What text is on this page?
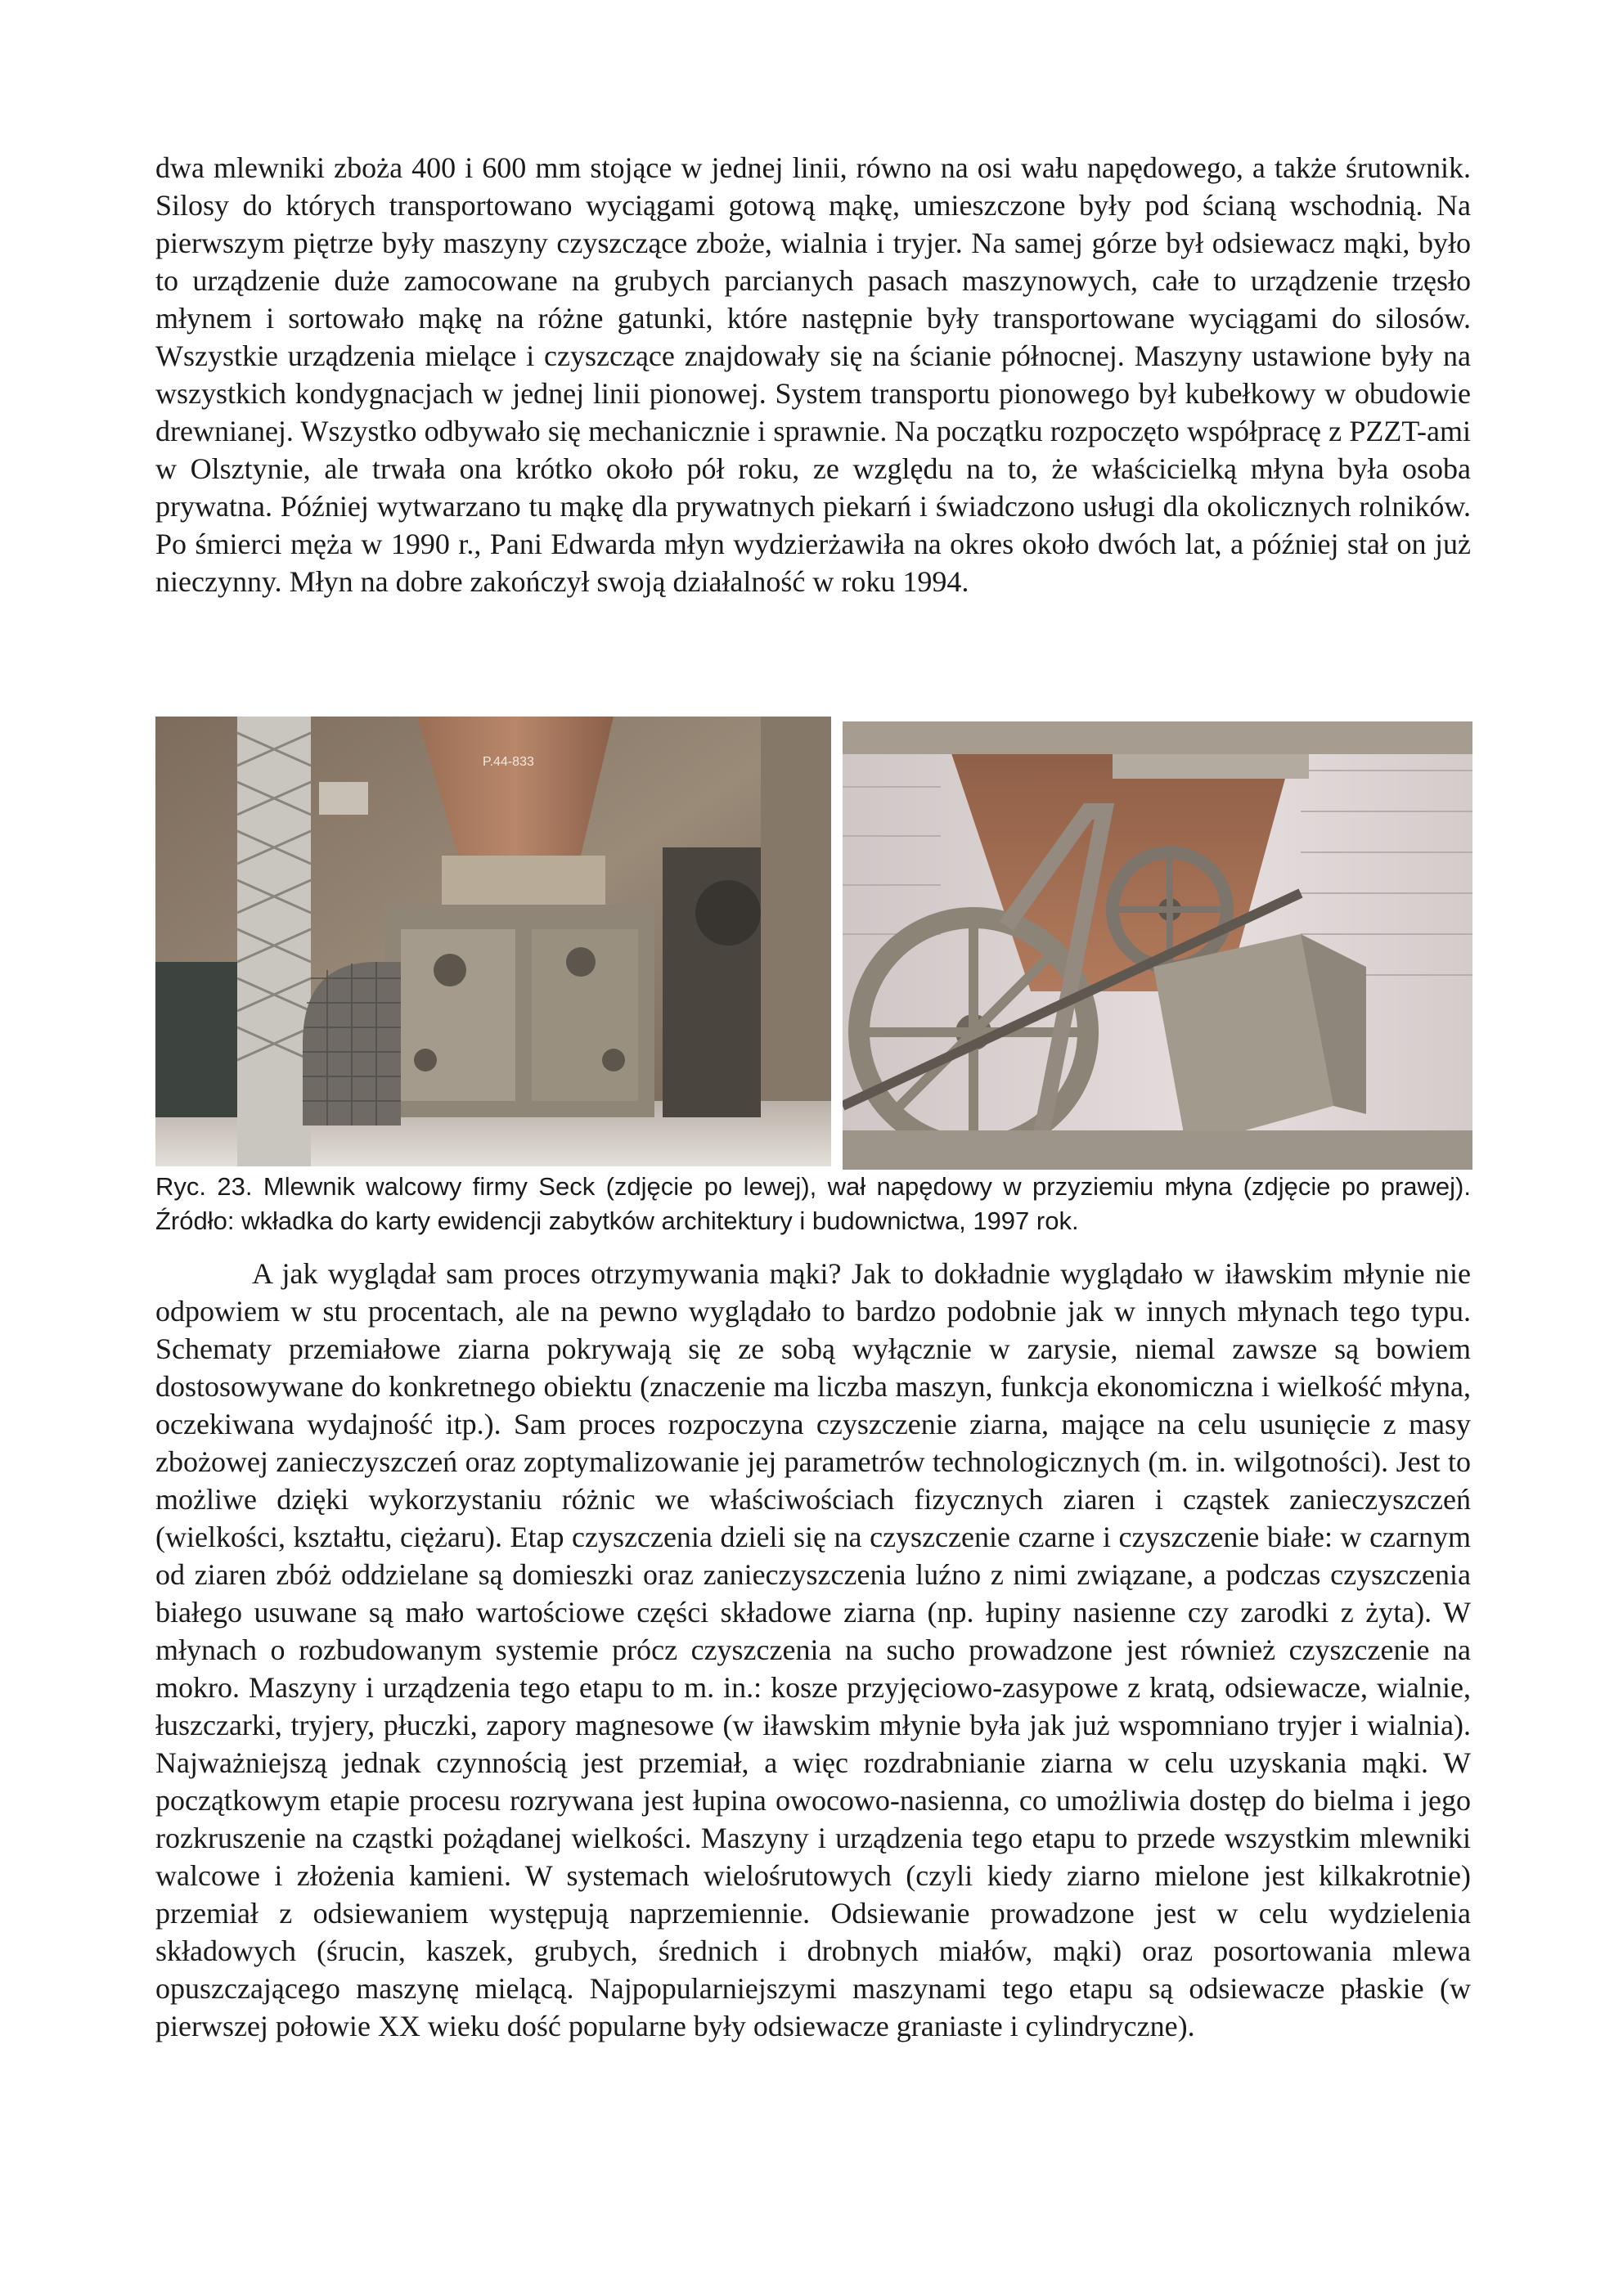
dwa mlewniki zboża 400 i 600 mm stojące w jednej linii, równo na osi wału napędowego, a także śrutownik. Silosy do których transportowano wyciągami gotową mąkę, umieszczone były pod ścianą wschodnią. Na pierwszym piętrze były maszyny czyszczące zboże, wialnia i tryjer. Na samej górze był odsiewacz mąki, było to urządzenie duże zamocowane na grubych parcianych pasach maszynowych, całe to urządzenie trzęsło młynem i sortowało mąkę na różne gatunki, które następnie były transportowane wyciągami do silosów. Wszystkie urządzenia mielące i czyszczące znajdowały się na ścianie północnej. Maszyny ustawione były na wszystkich kondygnacjach w jednej linii pionowej. System transportu pionowego był kubełkowy w obudowie drewnianej. Wszystko odbywało się mechanicznie i sprawnie. Na początku rozpoczęto współpracę z PZZT-ami w Olsztynie, ale trwała ona krótko około pół roku, ze względu na to, że właścicielką młyna była osoba prywatna. Później wytwarzano tu mąkę dla prywatnych piekarń i świadczono usługi dla okolicznych rolników. Po śmierci męża w 1990 r., Pani Edwarda młyn wydzierżawiła na okres około dwóch lat, a później stał on już nieczynny. Młyn na dobre zakończył swoją działalność w roku 1994.

P.44-833

Ryc. 23. Mlewnik walcowy firmy Seck (zdjęcie po lewej), wał napędowy w przyziemiu młyna (zdjęcie po prawej). Źródło: wkładka do karty ewidencji zabytków architektury i budownictwa, 1997 rok.

A jak wyglądał sam proces otrzymywania mąki? Jak to dokładnie wyglądało w iławskim młynie nie odpowiem w stu procentach, ale na pewno wyglądało to bardzo podobnie jak w innych młynach tego typu. Schematy przemiałowe ziarna pokrywają się ze sobą wyłącznie w zarysie, niemal zawsze są bowiem dostosowywane do konkretnego obiektu (znaczenie ma liczba maszyn, funkcja ekonomiczna i wielkość młyna, oczekiwana wydajność itp.). Sam proces rozpoczyna czyszczenie ziarna, mające na celu usunięcie z masy zbożowej zanieczyszczeń oraz zoptymalizowanie jej parametrów technologicznych (m. in. wilgotności). Jest to możliwe dzięki wykorzystaniu różnic we właściwościach fizycznych ziaren i cząstek zanieczyszczeń (wielkości, kształtu, ciężaru). Etap czyszczenia dzieli się na czyszczenie czarne i czyszczenie białe: w czarnym od ziaren zbóż oddzielane są domieszki oraz zanieczyszczenia luźno z nimi związane, a podczas czyszczenia białego usuwane są mało wartościowe części składowe ziarna (np. łupiny nasienne czy zarodki z żyta). W młynach o rozbudowanym systemie prócz czyszczenia na sucho prowadzone jest również czyszczenie na mokro. Maszyny i urządzenia tego etapu to m. in.: kosze przyjęciowo-zasypowe z kratą, odsiewacze, wialnie, łuszczarki, tryjery, płuczki, zapory magnesowe (w iławskim młynie była jak już wspomniano tryjer i wialnia). Najważniejszą jednak czynnością jest przemiał, a więc rozdrabnianie ziarna w celu uzyskania mąki. W początkowym etapie procesu rozrywana jest łupina owocowo-nasienna, co umożliwia dostęp do bielma i jego rozkruszenie na cząstki pożądanej wielkości. Maszyny i urządzenia tego etapu to przede wszystkim mlewniki walcowe i złożenia kamieni. W systemach wielośrutowych (czyli kiedy ziarno mielone jest kilkakrotnie) przemiał z odsiewaniem występują naprzemiennie. Odsiewanie prowadzone jest w celu wydzielenia składowych (śrucin, kaszek, grubych, średnich i drobnych miałów, mąki) oraz posortowania mlewa opuszczającego maszynę mielącą. Najpopularniejszymi maszynami tego etapu są odsiewacze płaskie (w pierwszej połowie XX wieku dość popularne były odsiewacze graniaste i cylindryczne).
